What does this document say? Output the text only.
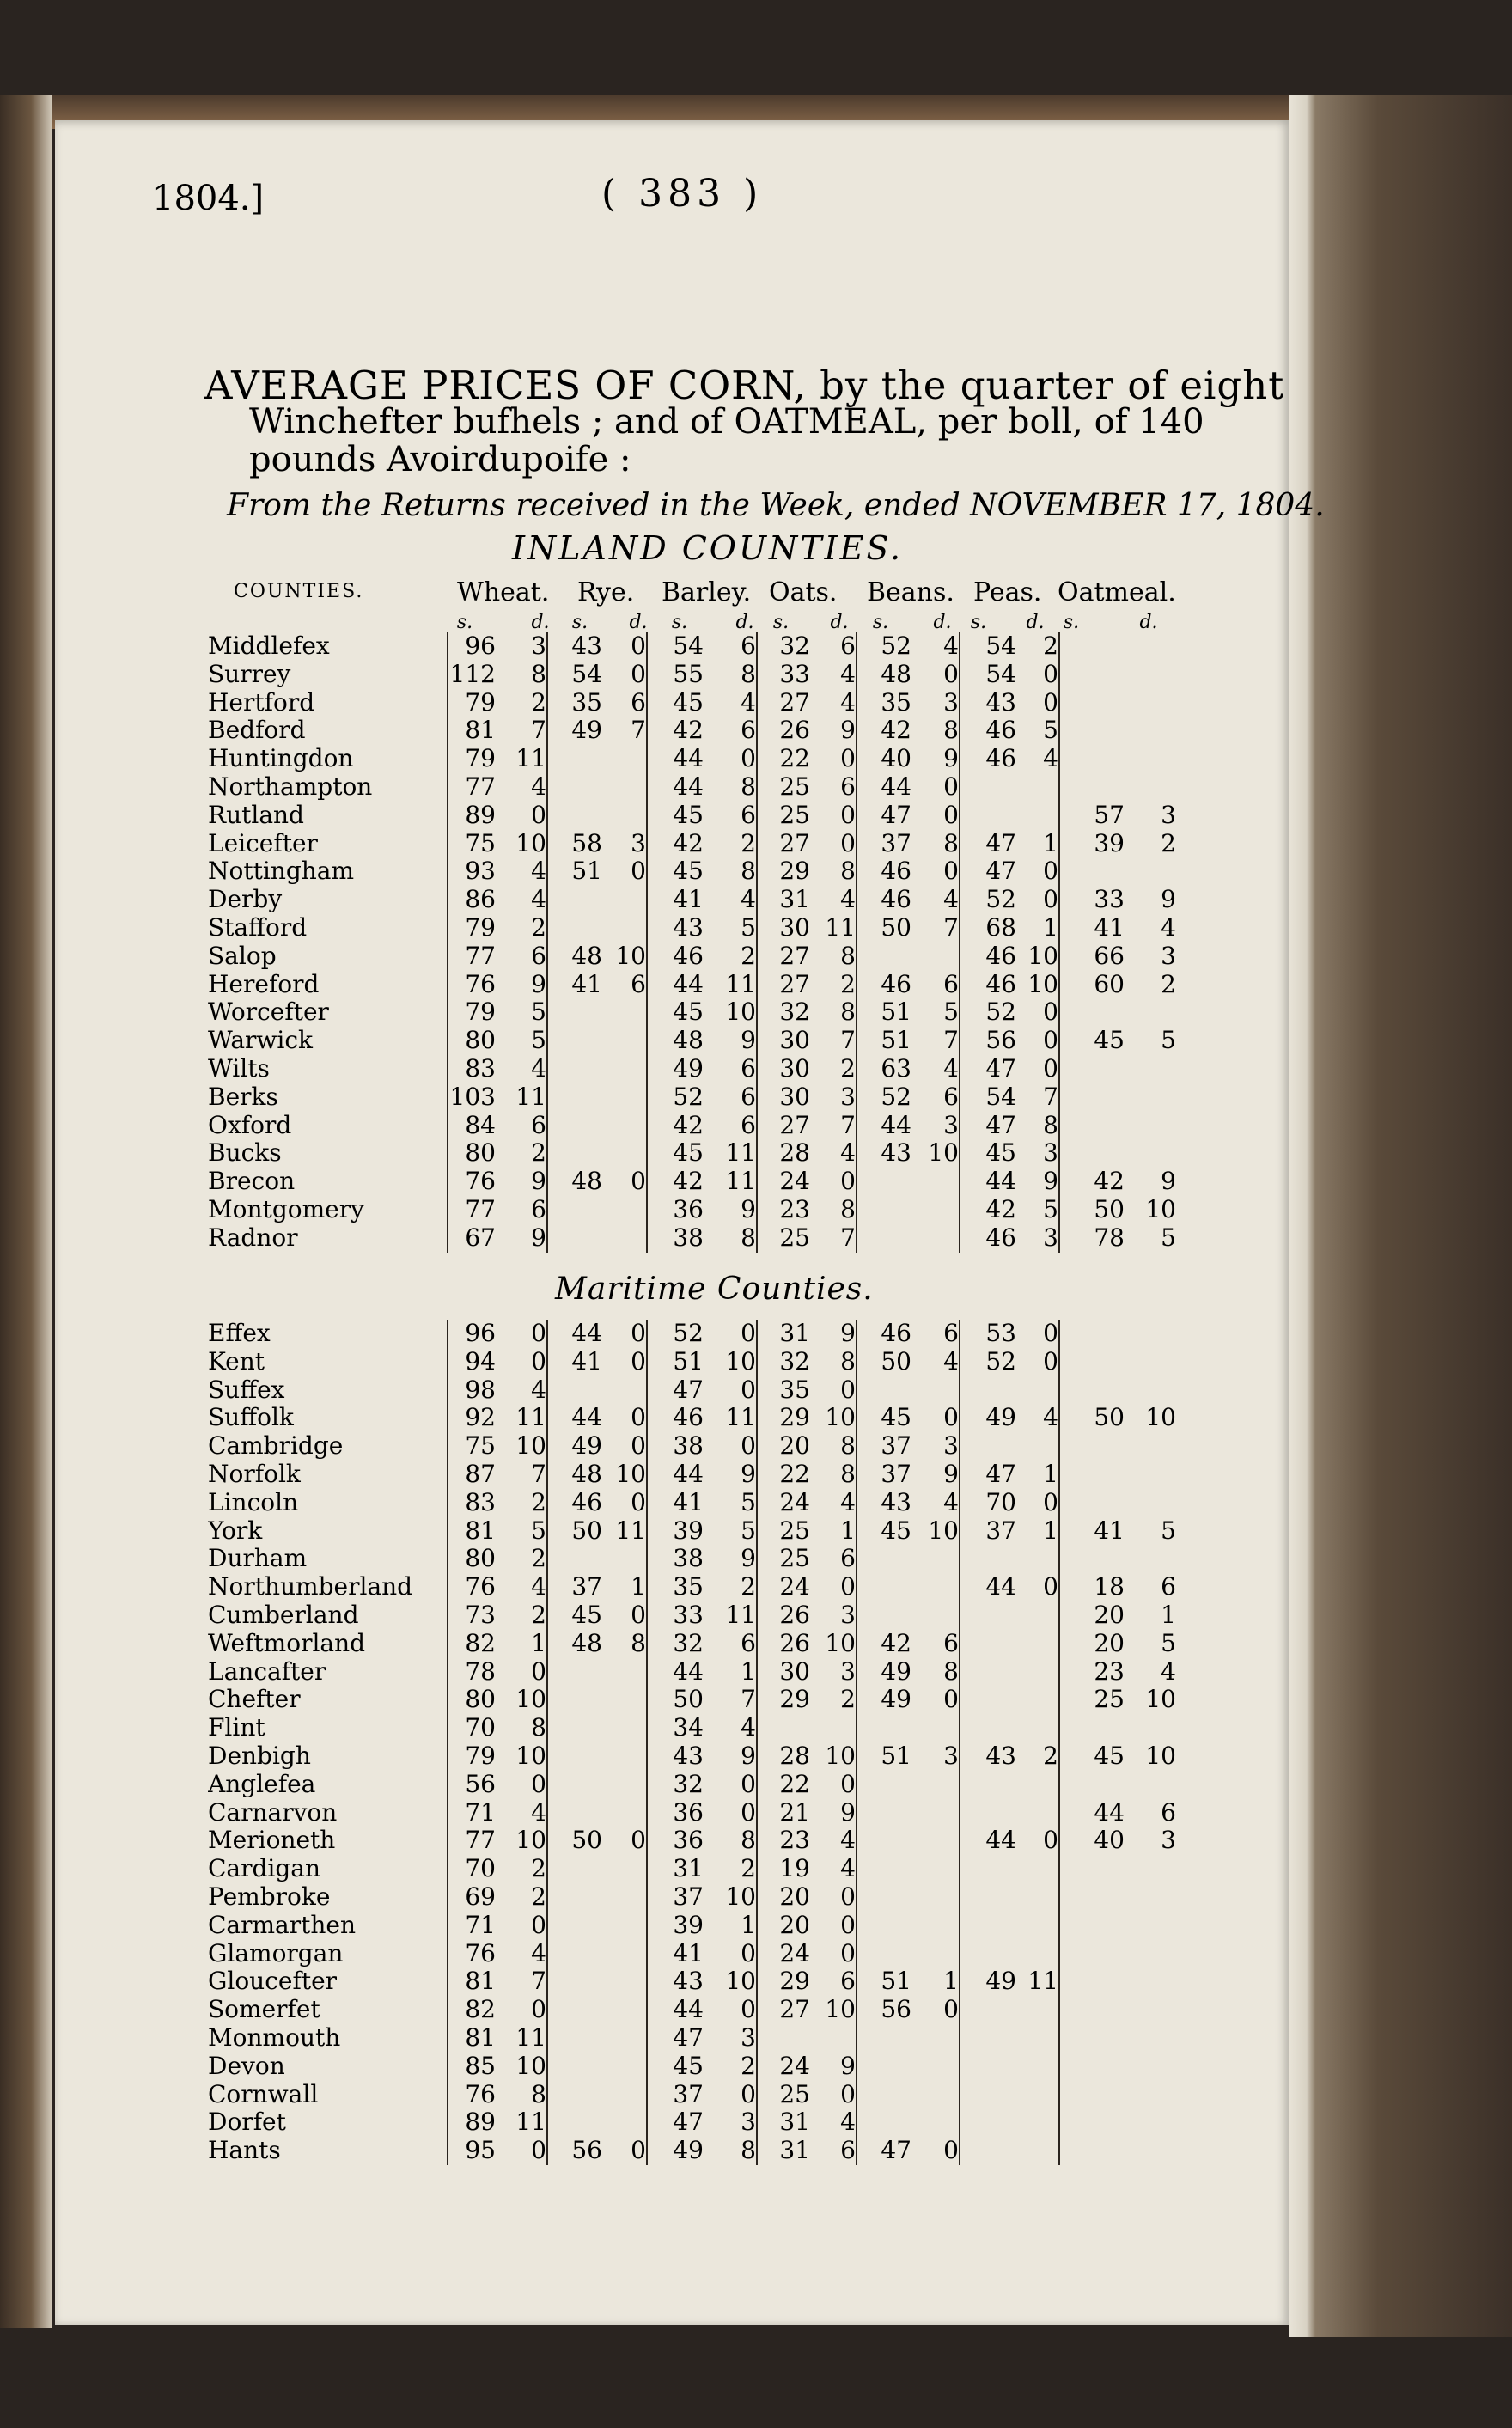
1804.]	( 383 )
AVERAGE PRICES OF CORN, by the quarter of eight
Winchefter bufhels ; and of OATMEAL, per boll, of 140
pounds Avoirdupoife :
From the Returns received in the Week, ended NOVEMBER 17, 1804.
INLAND COUNTIES.
COUNTIES.	Wheat. Rye. Barley. Oats. Beans. Peas. Oatmeal.
s.	d. s. d. s.	d. s. d. s. d. s. d. s.	d.
Middlefex	96	3	43	0	54	6	32	6	52	4	54	2		
Surrey	112	8	54	0	55	8	33	4	48	0	54	0		
Hertford	79	2	35	6	45	4	27	4	35	3	43	0		
Bedford	81	7	49	7	42	6	26	9	42	8	46	5		
Huntingdon	79	11			44	0	22	0	40	9	46	4		
Northampton	77	4			44	8	25	6	44	0				
Rutland	89	0			45	6	25	0	47	0			57	3
Leicefter	75	10	58	3	42	2	27	0	37	8	47	1	39	2
Nottingham	93	4	51	0	45	8	29	8	46	0	47	0		
Derby	86	4			41	4	31	4	46	4	52	0	33	9
Stafford	79	2			43	5	30	11	50	7	68	1	41	4
Salop	77	6	48	10	46	2	27	8			46	10	66	3
Hereford	76	9	41	6	44	11	27	2	46	6	46	10	60	2
Worcefter	79	5			45	10	32	8	51	5	52	0		
Warwick	80	5			48	9	30	7	51	7	56	0	45	5
Wilts	83	4			49	6	30	2	63	4	47	0		
Berks	103	11			52	6	30	3	52	6	54	7		
Oxford	84	6			42	6	27	7	44	3	47	8		
Bucks	80	2			45	11	28	4	43	10	45	3		
Brecon	76	9	48	0	42	11	24	0			44	9	42	9
Montgomery	77	6			36	9	23	8			42	5	50	10
Radnor	67	9			38	8	25	7			46	3	78	5
Maritime Counties.
Effex	96	0	44	0	52	0	31	9	46	6	53	0		
Kent	94	0	41	0	51	10	32	8	50	4	52	0		
Suffex	98	4			47	0	35	0						
Suffolk	92	11	44	0	46	11	29	10	45	0	49	4	50	10
Cambridge	75	10	49	0	38	0	20	8	37	3				
Norfolk	87	7	48	10	44	9	22	8	37	9	47	1		
Lincoln	83	2	46	0	41	5	24	4	43	4	70	0		
York	81	5	50	11	39	5	25	1	45	10	37	1	41	5
Durham	80	2			38	9	25	6						
Northumberland	76	4	37	1	35	2	24	0			44	0	18	6
Cumberland	73	2	45	0	33	11	26	3					20	1
Weftmorland	82	1	48	8	32	6	26	10	42	6			20	5
Lancafter	78	0			44	1	30	3	49	8			23	4
Chefter	80	10			50	7	29	2	49	0			25	10
Flint	70	8			34	4								
Denbigh	79	10			43	9	28	10	51	3	43	2	45	10
Anglefea	56	0			32	0	22	0						
Carnarvon	71	4			36	0	21	9					44	6
Merioneth	77	10	50	0	36	8	23	4			44	0	40	3
Cardigan	70	2			31	2	19	4						
Pembroke	69	2			37	10	20	0						
Carmarthen	71	0			39	1	20	0						
Glamorgan	76	4			41	0	24	0						
Gloucefter	81	7			43	10	29	6	51	1	49	11		
Somerfet	82	0			44	0	27	10	56	0				
Monmouth	81	11			47	3								
Devon	85	10			45	2	24	9						
Cornwall	76	8			37	0	25	0						
Dorfet	89	11			47	3	31	4						
Hants	95	0	56	0	49	8	31	6	47	0				
